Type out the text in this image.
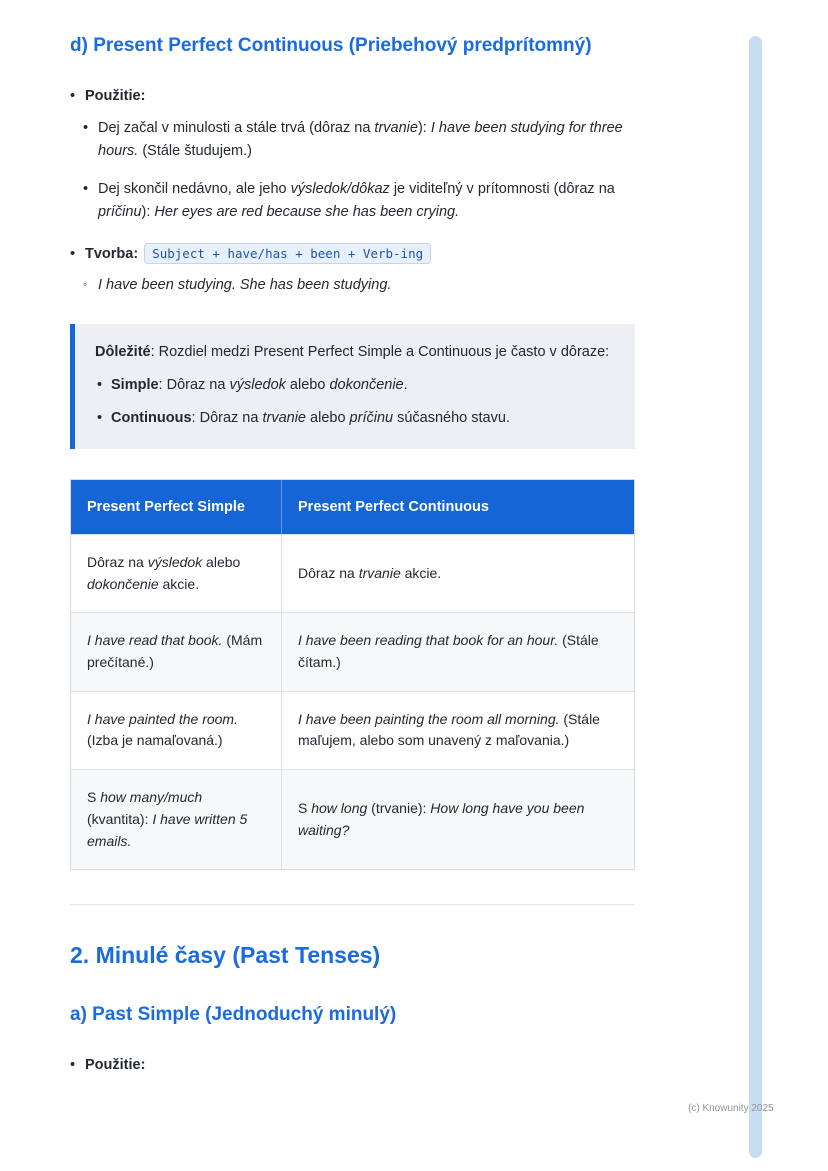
d) Present Perfect Continuous (Priebehový predprítomný)
• Použitie:
• Dej začal v minulosti a stále trvá (dôraz na trvanie): I have been studying for three hours. (Stále študujem.)
• Dej skončil nedávno, ale jeho výsledok/dôkaz je viditeľný v prítomnosti (dôraz na príčinu): Her eyes are red because she has been crying.
• Tvorba: Subject + have/has + been + Verb-ing
◦ I have been studying. She has been studying.

Dôležité: Rozdiel medzi Present Perfect Simple a Continuous je často v dôraze:

• Simple: Dôraz na výsledok alebo dokončenie.
• Continuous: Dôraz na trvanie alebo príčinu súčasného stavu.
Present Perfect Simple	Present Perfect Continuous
Dôraz na výsledok alebo dokončenie akcie.	Dôraz na trvanie akcie.
I have read that book. (Mám prečítané.)	I have been reading that book for an hour. (Stále čítam.)
I have painted the room. (Izba je namaľovaná.)	I have been painting the room all morning. (Stále maľujem, alebo som unavený z maľovania.)
S how many/much (kvantita): I have written 5 emails.	S how long (trvanie): How long have you been waiting?
2. Minulé časy (Past Tenses)
a) Past Simple (Jednoduchý minulý)
• Použitie:
(c) Knowunity 2025
